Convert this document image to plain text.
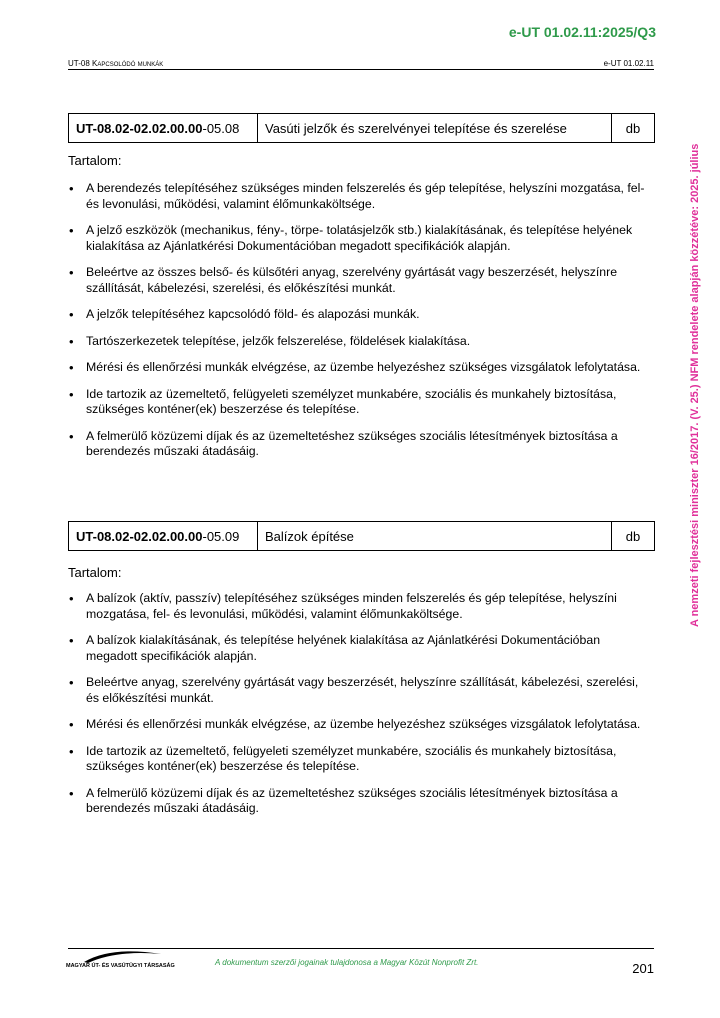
e-UT 01.02.11:2025/Q3
UT-08 Kapcsolódó munkák	e-UT 01.02.11
A nemzeti fejlesztési miniszter 16/2017. (V. 25.) NFM rendelete alapján közzétéve: 2025. július
UT-08.02-02.02.00.00-05.08	Vasúti jelzők és szerelvényei telepítése és szerelése	db
Tartalom:
• A berendezés telepítéséhez szükséges minden felszerelés és gép telepítése, helyszíni mozgatása, fel- és levonulási, működési, valamint élőmunkaköltsége.
• A jelző eszközök (mechanikus, fény-, törpe- tolatásjelzők stb.) kialakításának, és telepítése helyének kialakítása az Ajánlatkérési Dokumentációban megadott specifikációk alapján.
• Beleértve az összes belső- és külsőtéri anyag, szerelvény gyártását vagy beszerzését, helyszínre szállítását, kábelezési, szerelési, és előkészítési munkát.
• A jelzők telepítéséhez kapcsolódó föld- és alapozási munkák.
• Tartószerkezetek telepítése, jelzők felszerelése, földelések kialakítása.
• Mérési és ellenőrzési munkák elvégzése, az üzembe helyezéshez szükséges vizsgálatok lefolytatása.
• Ide tartozik az üzemeltető, felügyeleti személyzet munkabére, szociális és munkahely biztosítása, szükséges konténer(ek) beszerzése és telepítése.
• A felmerülő közüzemi díjak és az üzemeltetéshez szükséges szociális létesítmények biztosítása a berendezés műszaki átadásáig.
UT-08.02-02.02.00.00-05.09	Balízok építése	db
Tartalom:
• A balízok (aktív, passzív) telepítéséhez szükséges minden felszerelés és gép telepítése, helyszíni mozgatása, fel- és levonulási, működési, valamint élőmunkaköltsége.
• A balízok kialakításának, és telepítése helyének kialakítása az Ajánlatkérési Dokumentációban megadott specifikációk alapján.
• Beleértve anyag, szerelvény gyártását vagy beszerzését, helyszínre szállítását, kábelezési, szerelési, és előkészítési munkát.
• Mérési és ellenőrzési munkák elvégzése, az üzembe helyezéshez szükséges vizsgálatok lefolytatása.
• Ide tartozik az üzemeltető, felügyeleti személyzet munkabére, szociális és munkahely biztosítása, szükséges konténer(ek) beszerzése és telepítése.
• A felmerülő közüzemi díjak és az üzemeltetéshez szükséges szociális létesítmények biztosítása a berendezés műszaki átadásáig.
MAGYAR ÚT- ÉS VASÚTÜGYI TÁRSASÁG	A dokumentum szerzői jogainak tulajdonosa a Magyar Közút Nonprofit Zrt.	201
